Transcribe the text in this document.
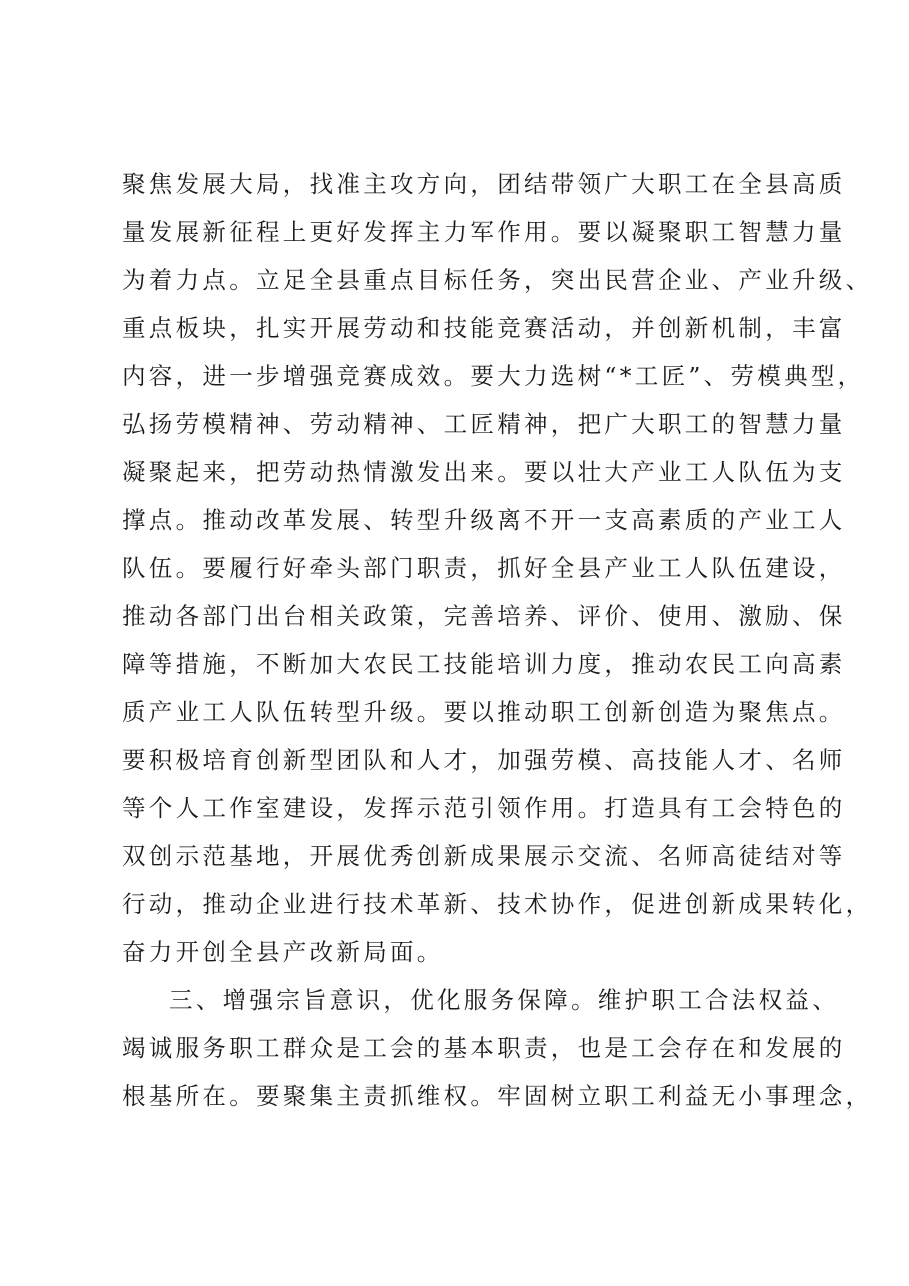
聚焦发展大局，找准主攻方向，团结带领广大职工在全县高质
量发展新征程上更好发挥主力军作用。要以凝聚职工智慧力量
为着力点。立足全县重点目标任务，突出民营企业、产业升级、
重点板块，扎实开展劳动和技能竞赛活动，并创新机制，丰富
内容，进一步增强竞赛成效。要大力选树“*工匠”、劳模典型，
弘扬劳模精神、劳动精神、工匠精神，把广大职工的智慧力量
凝聚起来，把劳动热情激发出来。要以壮大产业工人队伍为支
撑点。推动改革发展、转型升级离不开一支高素质的产业工人
队伍。要履行好牵头部门职责，抓好全县产业工人队伍建设，
推动各部门出台相关政策，完善培养、评价、使用、激励、保
障等措施，不断加大农民工技能培训力度，推动农民工向高素
质产业工人队伍转型升级。要以推动职工创新创造为聚焦点。
要积极培育创新型团队和人才，加强劳模、高技能人才、名师
等个人工作室建设，发挥示范引领作用。打造具有工会特色的
双创示范基地，开展优秀创新成果展示交流、名师高徒结对等
行动，推动企业进行技术革新、技术协作，促进创新成果转化，
奋力开创全县产改新局面。
三、增强宗旨意识，优化服务保障。维护职工合法权益、
竭诚服务职工群众是工会的基本职责，也是工会存在和发展的
根基所在。要聚集主责抓维权。牢固树立职工利益无小事理念，
